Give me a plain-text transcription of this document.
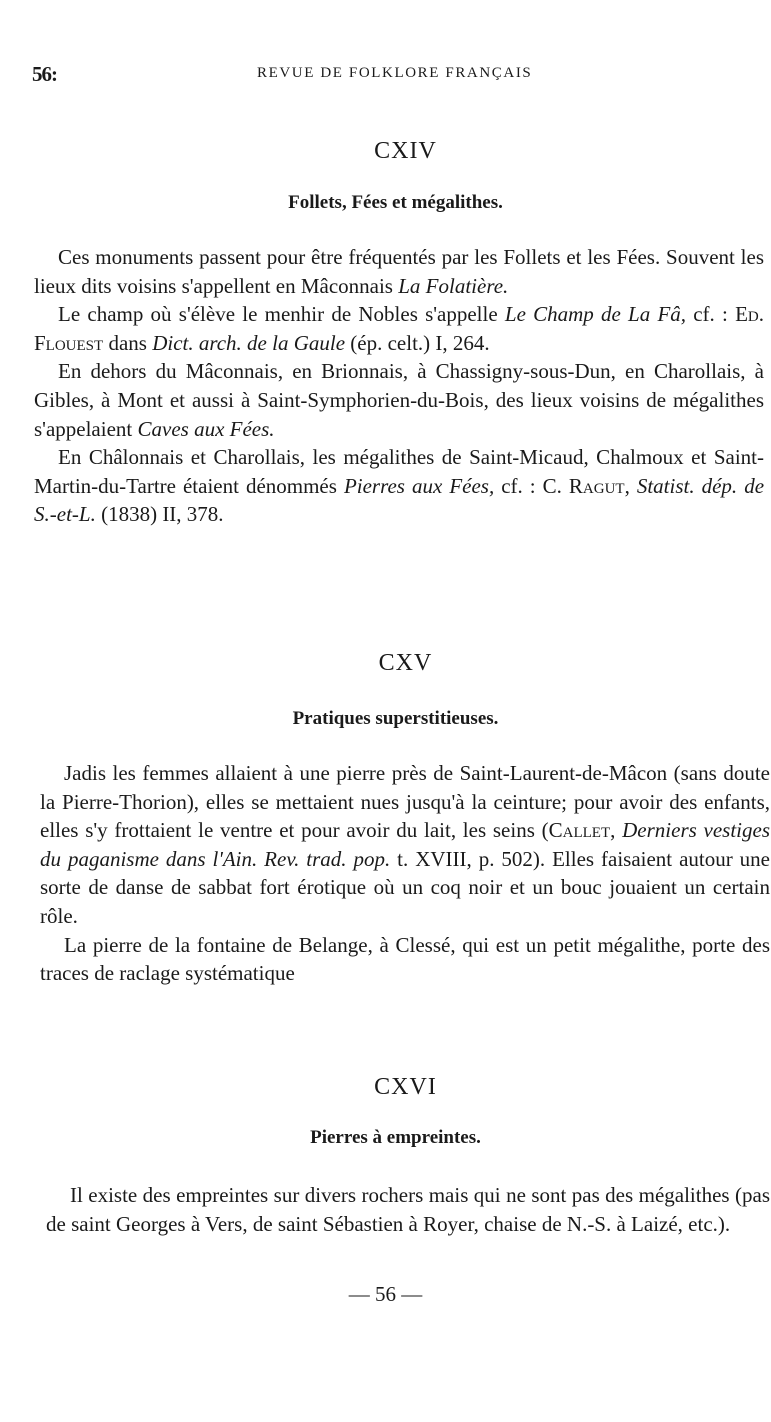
56:	REVUE DE FOLKLORE FRANÇAIS
CXIV
Follets, Fées et mégalithes.

Ces monuments passent pour être fréquentés par les Follets et les Fées. Souvent les lieux dits voisins s'appellent en Mâconnais La Folatière.

Le champ où s'élève le menhir de Nobles s'appelle Le Champ de La Fâ, cf. : Ed. Flouest dans Dict. arch. de la Gaule (ép. celt.) I, 264.

En dehors du Mâconnais, en Brionnais, à Chassigny-sous-Dun, en Charollais, à Gibles, à Mont et aussi à Saint-Symphorien-du-Bois, des lieux voisins de mégalithes s'appelaient Caves aux Fées.

En Châlonnais et Charollais, les mégalithes de Saint-Micaud, Chalmoux et Saint-Martin-du-Tartre étaient dénommés Pierres aux Fées, cf. : C. Ragut, Statist. dép. de S.-et-L. (1838) II, 378.

CXV
Pratiques superstitieuses.

Jadis les femmes allaient à une pierre près de Saint-Laurent-de-Mâcon (sans doute la Pierre-Thorion), elles se mettaient nues jusqu'à la ceinture; pour avoir des enfants, elles s'y frottaient le ventre et pour avoir du lait, les seins (Callet, Derniers vestiges du paganisme dans l'Ain. Rev. trad. pop. t. XVIII, p. 502). Elles faisaient autour une sorte de danse de sabbat fort érotique où un coq noir et un bouc jouaient un certain rôle.

La pierre de la fontaine de Belange, à Clessé, qui est un petit mégalithe, porte des traces de raclage systématique

CXVI
Pierres à empreintes.

Il existe des empreintes sur divers rochers mais qui ne sont pas des mégalithes (pas de saint Georges à Vers, de saint Sébastien à Royer, chaise de N.-S. à Laizé, etc.).

— 56 —
